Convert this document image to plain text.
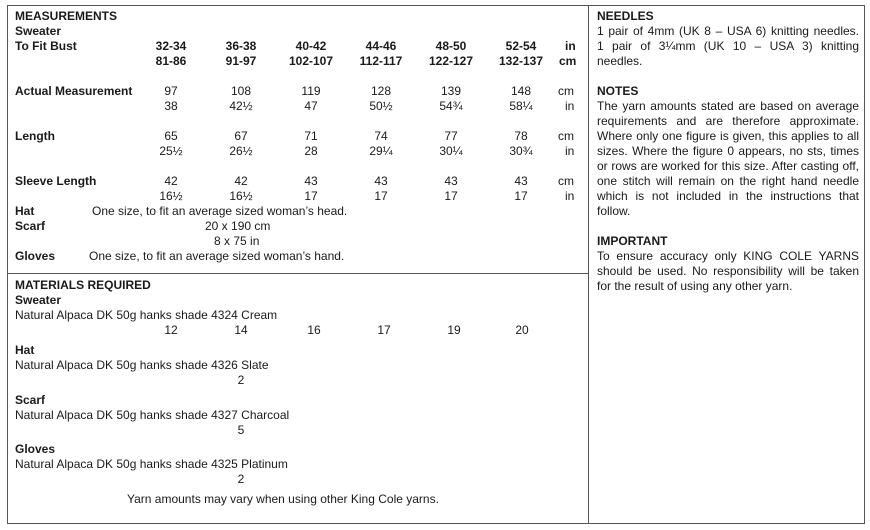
MEASUREMENTS
Sweater
To Fit Bust	32-34	36-38	40-42	44-46	48-50	52-54	in
81-86	91-97	102-107	112-117	122-127	132-137	cm
Actual Measurement	97	108	119	128	139	148	cm
38	42½	47	50½	54¾	58¼	in
Length	65	67	71	74	77	78	cm
25½	26½	28	29¼	30¼	30¾	in
Sleeve Length	42	42	43	43	43	43	cm
16½	16½	17	17	17	17	in
Hat	One size, to fit an average sized woman’s head.
Scarf	20 x 190 cm
8 x 75 in
Gloves	One size, to fit an average sized woman’s hand.
MATERIALS REQUIRED
Sweater
Natural Alpaca DK 50g hanks shade 4324 Cream
12	14	16	17	19	20
Hat
Natural Alpaca DK 50g hanks shade 4326 Slate
2
Scarf
Natural Alpaca DK 50g hanks shade 4327 Charcoal
5
Gloves
Natural Alpaca DK 50g hanks shade 4325 Platinum
2
Yarn amounts may vary when using other King Cole yarns.
NEEDLES
1 pair of 4mm (UK 8 – USA 6) knitting needles.
1 pair of 3¼mm (UK 10 – USA 3) knitting needles.
NOTES
The yarn amounts stated are based on average requirements and are therefore approximate. Where only one figure is given, this applies to all sizes. Where the figure 0 appears, no sts, times or rows are worked for this size. After casting off, one stitch will remain on the right hand needle which is not included in the instructions that follow.
IMPORTANT
To ensure accuracy only KING COLE YARNS should be used. No responsibility will be taken for the result of using any other yarn.
